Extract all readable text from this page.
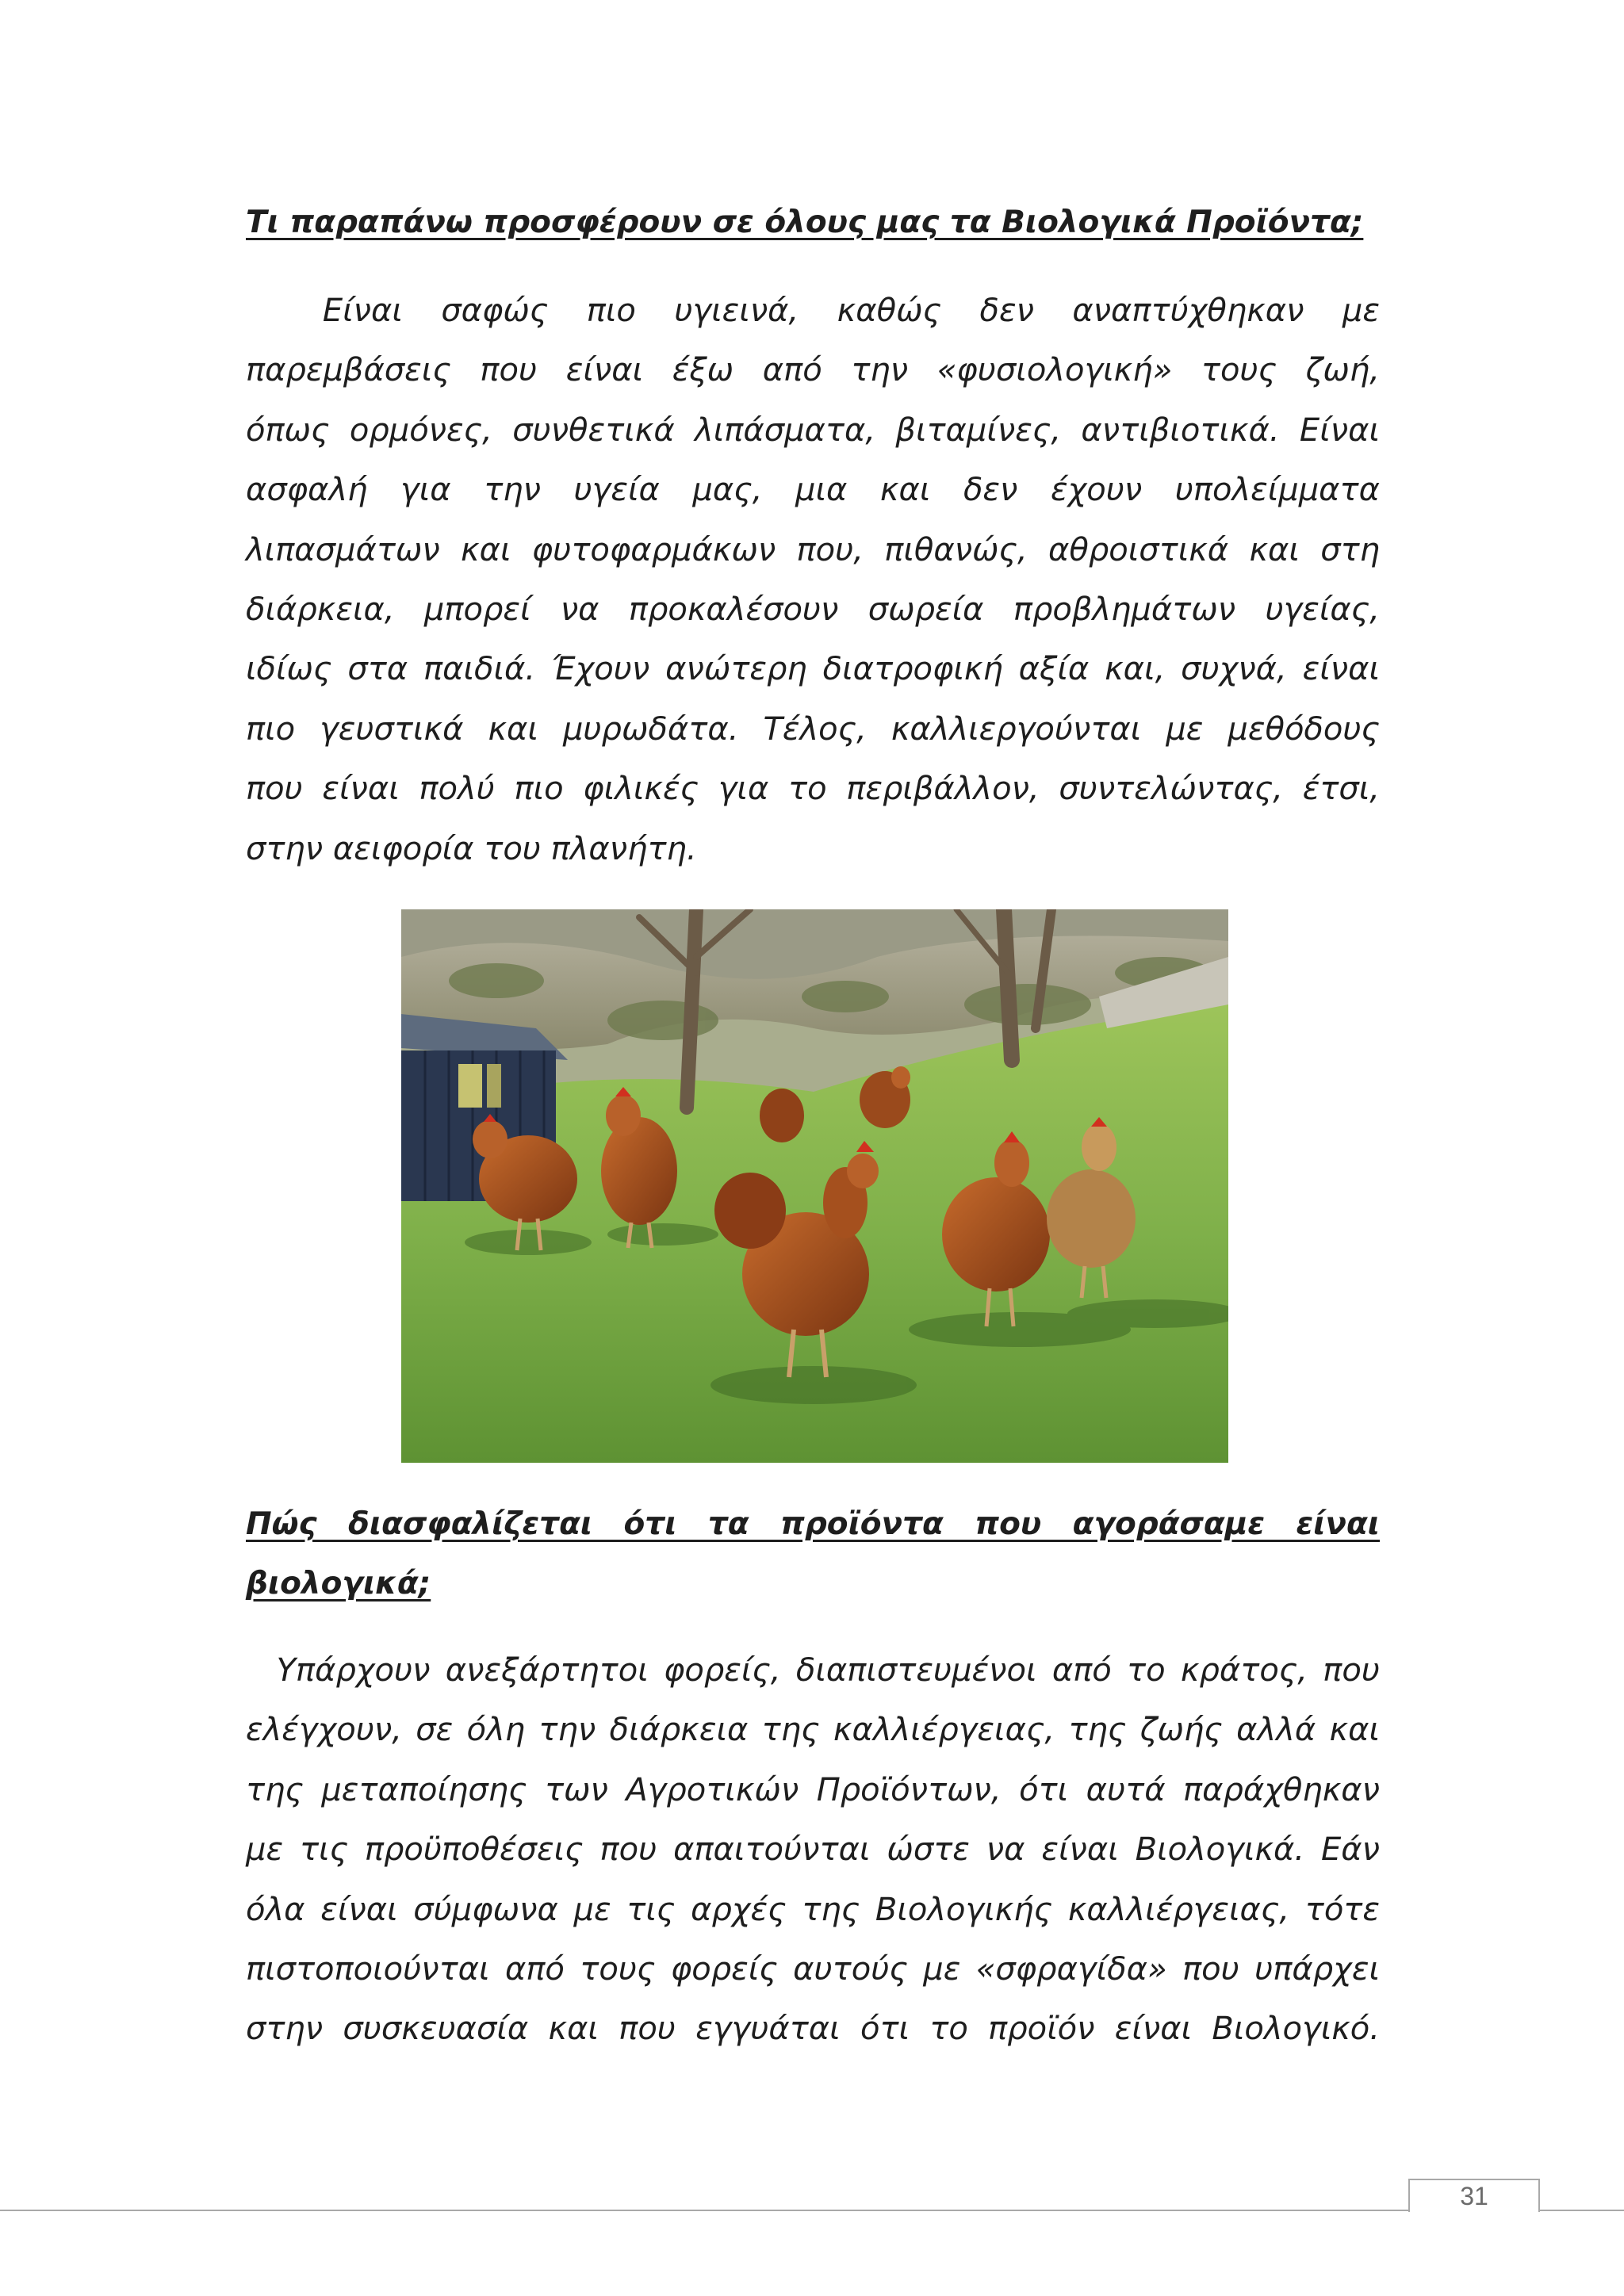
Τι παραπάνω προσφέρουν σε όλους μας τα Βιολογικά Προϊόντα;

Είναι σαφώς πιο υγιεινά, καθώς δεν αναπτύχθηκαν με
παρεμβάσεις που είναι έξω από την «φυσιολογική» τους ζωή,
όπως ορμόνες, συνθετικά λιπάσματα, βιταμίνες, αντιβιοτικά. Είναι
ασφαλή για την υγεία μας, μια και δεν έχουν υπολείμματα
λιπασμάτων και φυτοφαρμάκων που, πιθανώς, αθροιστικά και στη
διάρκεια, μπορεί να προκαλέσουν σωρεία προβλημάτων υγείας,
ιδίως στα παιδιά. Έχουν ανώτερη διατροφική αξία και, συχνά, είναι
πιο γευστικά και μυρωδάτα. Τέλος, καλλιεργούνται με μεθόδους
που είναι πολύ πιο φιλικές για το περιβάλλον, συντελώντας, έτσι,
στην αειφορία του πλανήτη.

Πώς διασφαλίζεται ότι τα προϊόντα που αγοράσαμε είναι βιολογικά;

Υπάρχουν ανεξάρτητοι φορείς, διαπιστευμένοι από το κράτος, που
ελέγχουν, σε όλη την διάρκεια της καλλιέργειας, της ζωής αλλά και
της μεταποίησης των Αγροτικών Προϊόντων, ότι αυτά παράχθηκαν
με τις προϋποθέσεις που απαιτούνται ώστε να είναι Βιολογικά. Εάν
όλα είναι σύμφωνα με τις αρχές της Βιολογικής καλλιέργειας, τότε
πιστοποιούνται από τους φορείς αυτούς με «σφραγίδα» που υπάρχει
στην συσκευασία και που εγγυάται ότι το προϊόν είναι Βιολογικό.

31
